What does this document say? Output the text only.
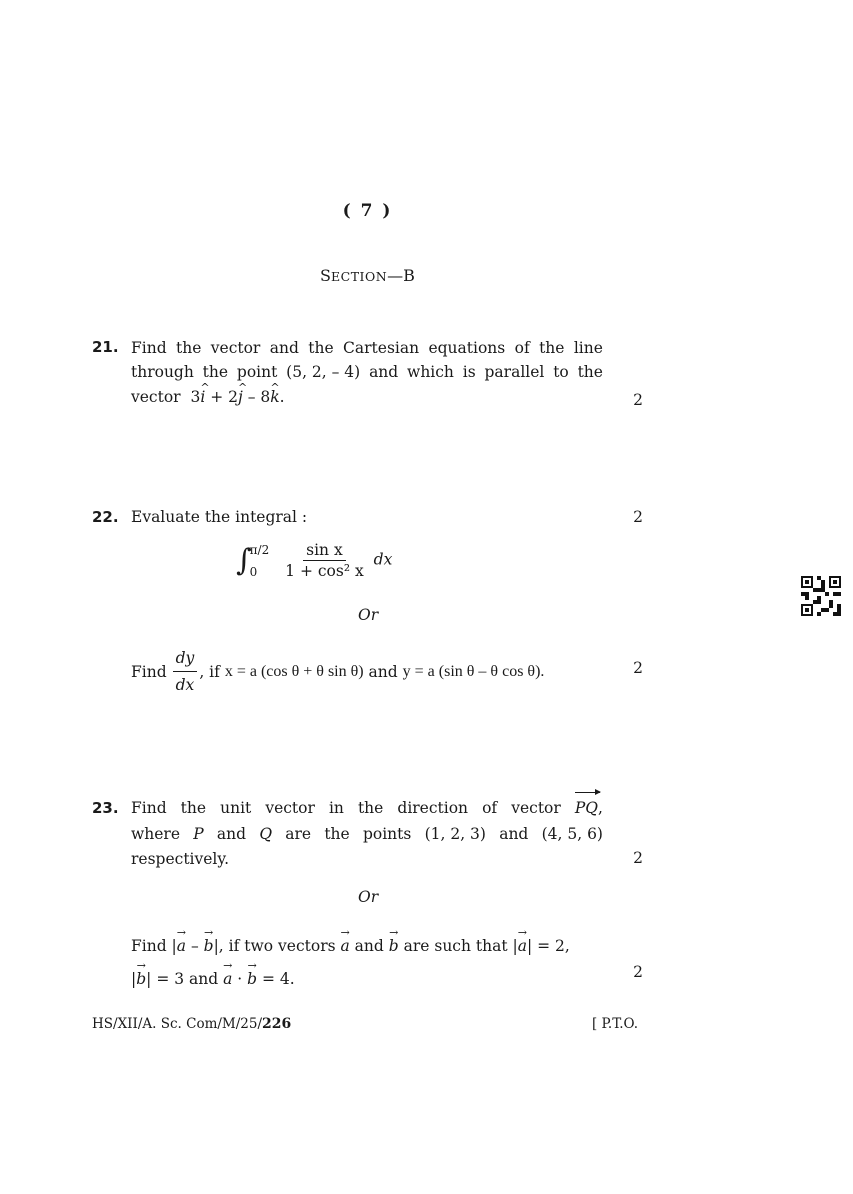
( 7 )
SECTION—B
21. Find the vector and the Cartesian equations of the line
through the point (5, 2, – 4) and which is parallel to the
vector  3^ i + 2^ j – 8^ k.	2
22. Evaluate the integral :	2
∫
π/2
0
	$\frac{\text{sin x}}{\text{1 + cos² x}}$ dx
Or
Find $\frac{dy}{dx}$ , if
x = a (cos θ + θ sin θ)
and
y = a (sin θ – θ cos θ).	2
23. Find the unit vector in the direction of vector PQ,
where P and Q are the points (1, 2, 3) and (4, 5, 6)
respectively.	2
Or
Find |→ a – → b|, if two vectors → a and → b are such that |→ a| = 2,
|→ b| = 3 and → a · → b = 4.	2
HS/XII/A. Sc. Com/M/25/226	[ P.T.O.
